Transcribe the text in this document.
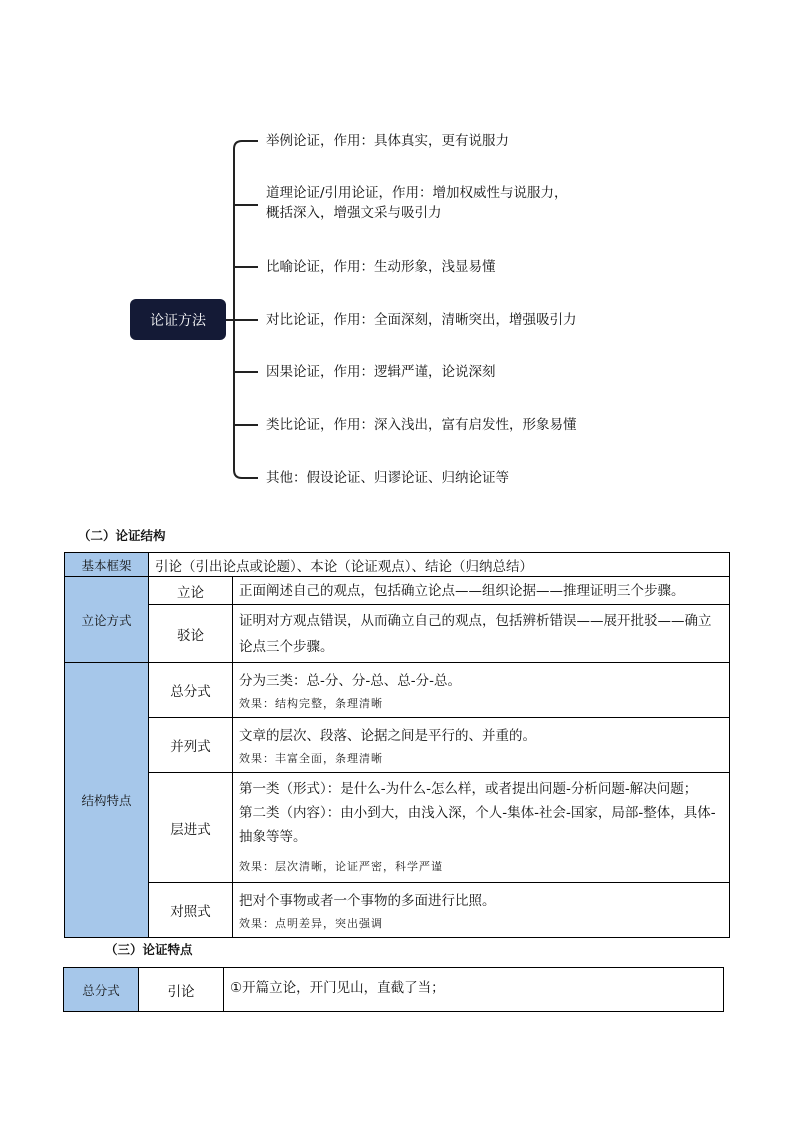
论证方法
举例论证，作用：具体真实，更有说服力
道理论证/引用论证，作用：增加权威性与说服力，
概括深入，增强文采与吸引力
比喻论证，作用：生动形象，浅显易懂
对比论证，作用：全面深刻，清晰突出，增强吸引力
因果论证，作用：逻辑严谨，论说深刻
类比论证，作用：深入浅出，富有启发性，形象易懂
其他：假设论证、归谬论证、归纳论证等
（二）论证结构
基本框架	引论（引出论点或论题）、本论（论证观点）、结论（归纳总结）	
立论方式	立论	正面阐述自己的观点，包括确立论点——组织论据——推理证明三个步骤。
	驳论	证明对方观点错误，从而确立自己的观点，包括辨析错误——展开批驳——确立论点三个步骤。
结构特点	总分式	分为三类：总-分、分-总、总-分-总。
效果：结构完整，条理清晰

	并列式	文章的层次、段落、论据之间是平行的、并重的。
效果：丰富全面，条理清晰

	层进式	第一类（形式）：是什么-为什么-怎么样，或者提出问题-分析问题-解决问题；
第二类（内容）：由小到大，由浅入深，个人-集体-社会-国家，局部-整体，具体-抽象等等。
效果：层次清晰，论证严密，科学严谨

	对照式	把对个事物或者一个事物的多面进行比照。
效果：点明差异，突出强调
（三）论证特点
总分式	引论	①开篇立论，开门见山，直截了当；
